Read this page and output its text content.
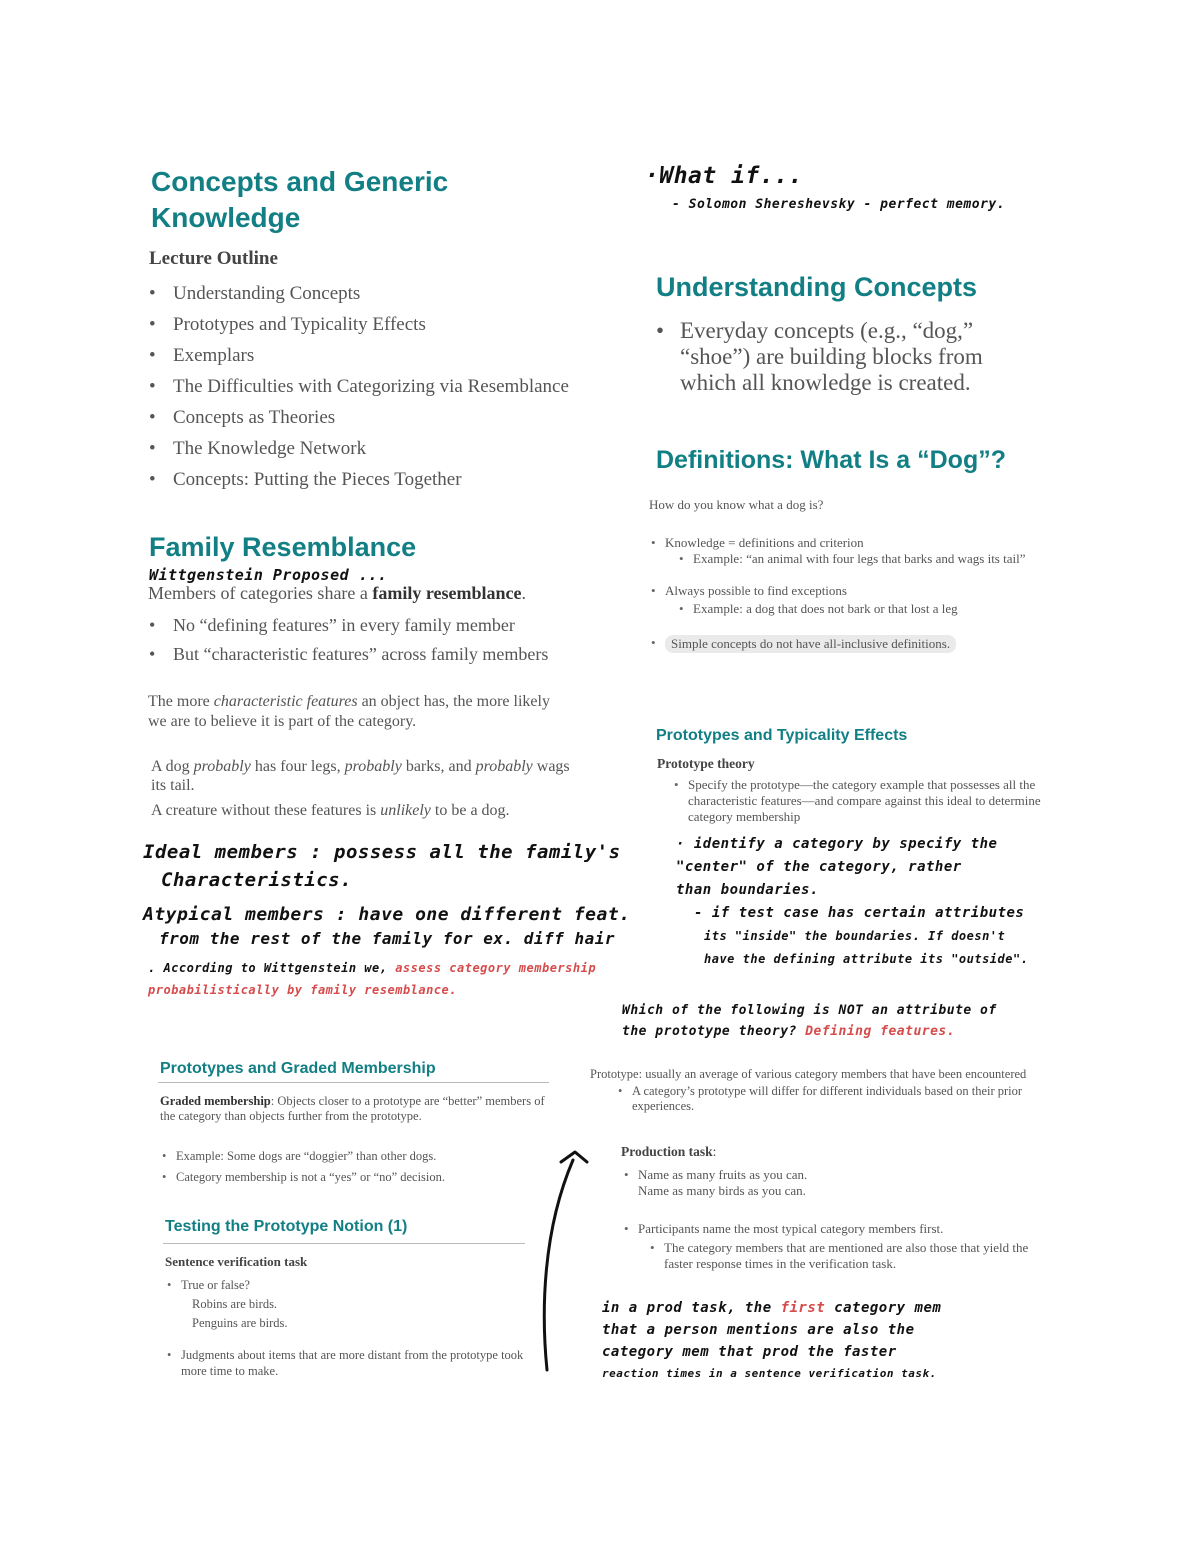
Concepts and Generic
Knowledge
Lecture Outline
• Understanding Concepts
• Prototypes and Typicality Effects
• Exemplars
• The Difficulties with Categorizing via Resemblance
• Concepts as Theories
• The Knowledge Network
• Concepts: Putting the Pieces Together
Family Resemblance
Wittgenstein Proposed ...
Members of categories share a family resemblance.
• No “defining features” in every family member
• But “characteristic features” across family members
The more characteristic features an object has, the more likely
we are to believe it is part of the category.
A dog probably has four legs, probably barks, and probably wags
its tail.
A creature without these features is unlikely to be a dog.
Ideal members : possess all the family's
Characteristics.
Atypical members : have one different feat.
from the rest of the family for ex. diff hair
. According to Wittgenstein we, assess category membership
probabilistically by family resemblance.
Prototypes and Graded Membership
Graded membership: Objects closer to a prototype are “better” members of the category than objects further from the prototype.
• Example: Some dogs are “doggier” than other dogs.
• Category membership is not a “yes” or “no” decision.
Testing the Prototype Notion (1)
Sentence verification task
• True or false?
Robins are birds.
Penguins are birds.
• Judgments about items that are more distant from the prototype took more time to make.
·What if...
- Solomon Shereshevsky - perfect memory.
Understanding Concepts
• Everyday concepts (e.g., “dog,” “shoe”) are building blocks from which all knowledge is created.
Definitions: What Is a “Dog”?
How do you know what a dog is?
• Knowledge = definitions and criterion
• Example: “an animal with four legs that barks and wags its tail”
• Always possible to find exceptions
• Example: a dog that does not bark or that lost a leg
• Simple concepts do not have all-inclusive definitions.
Prototypes and Typicality Effects
Prototype theory
• Specify the prototype—the category example that possesses all the characteristic features—and compare against this ideal to determine category membership
· identify a category by specify the
"center" of the category, rather
than boundaries.
- if test case has certain attributes
its "inside" the boundaries. If doesn't
have the defining attribute its "outside".
Which of the following is NOT an attribute of
the prototype theory? Defining features.
Prototype: usually an average of various category members that have been encountered
• A category’s prototype will differ for different individuals based on their prior experiences.
Production task:
• Name as many fruits as you can.
Name as many birds as you can.
• Participants name the most typical category members first.
• The category members that are mentioned are also those that yield the faster response times in the verification task.
in a prod task, the first category mem
that a person mentions are also the
category mem that prod the faster
reaction times in a sentence verification task.
